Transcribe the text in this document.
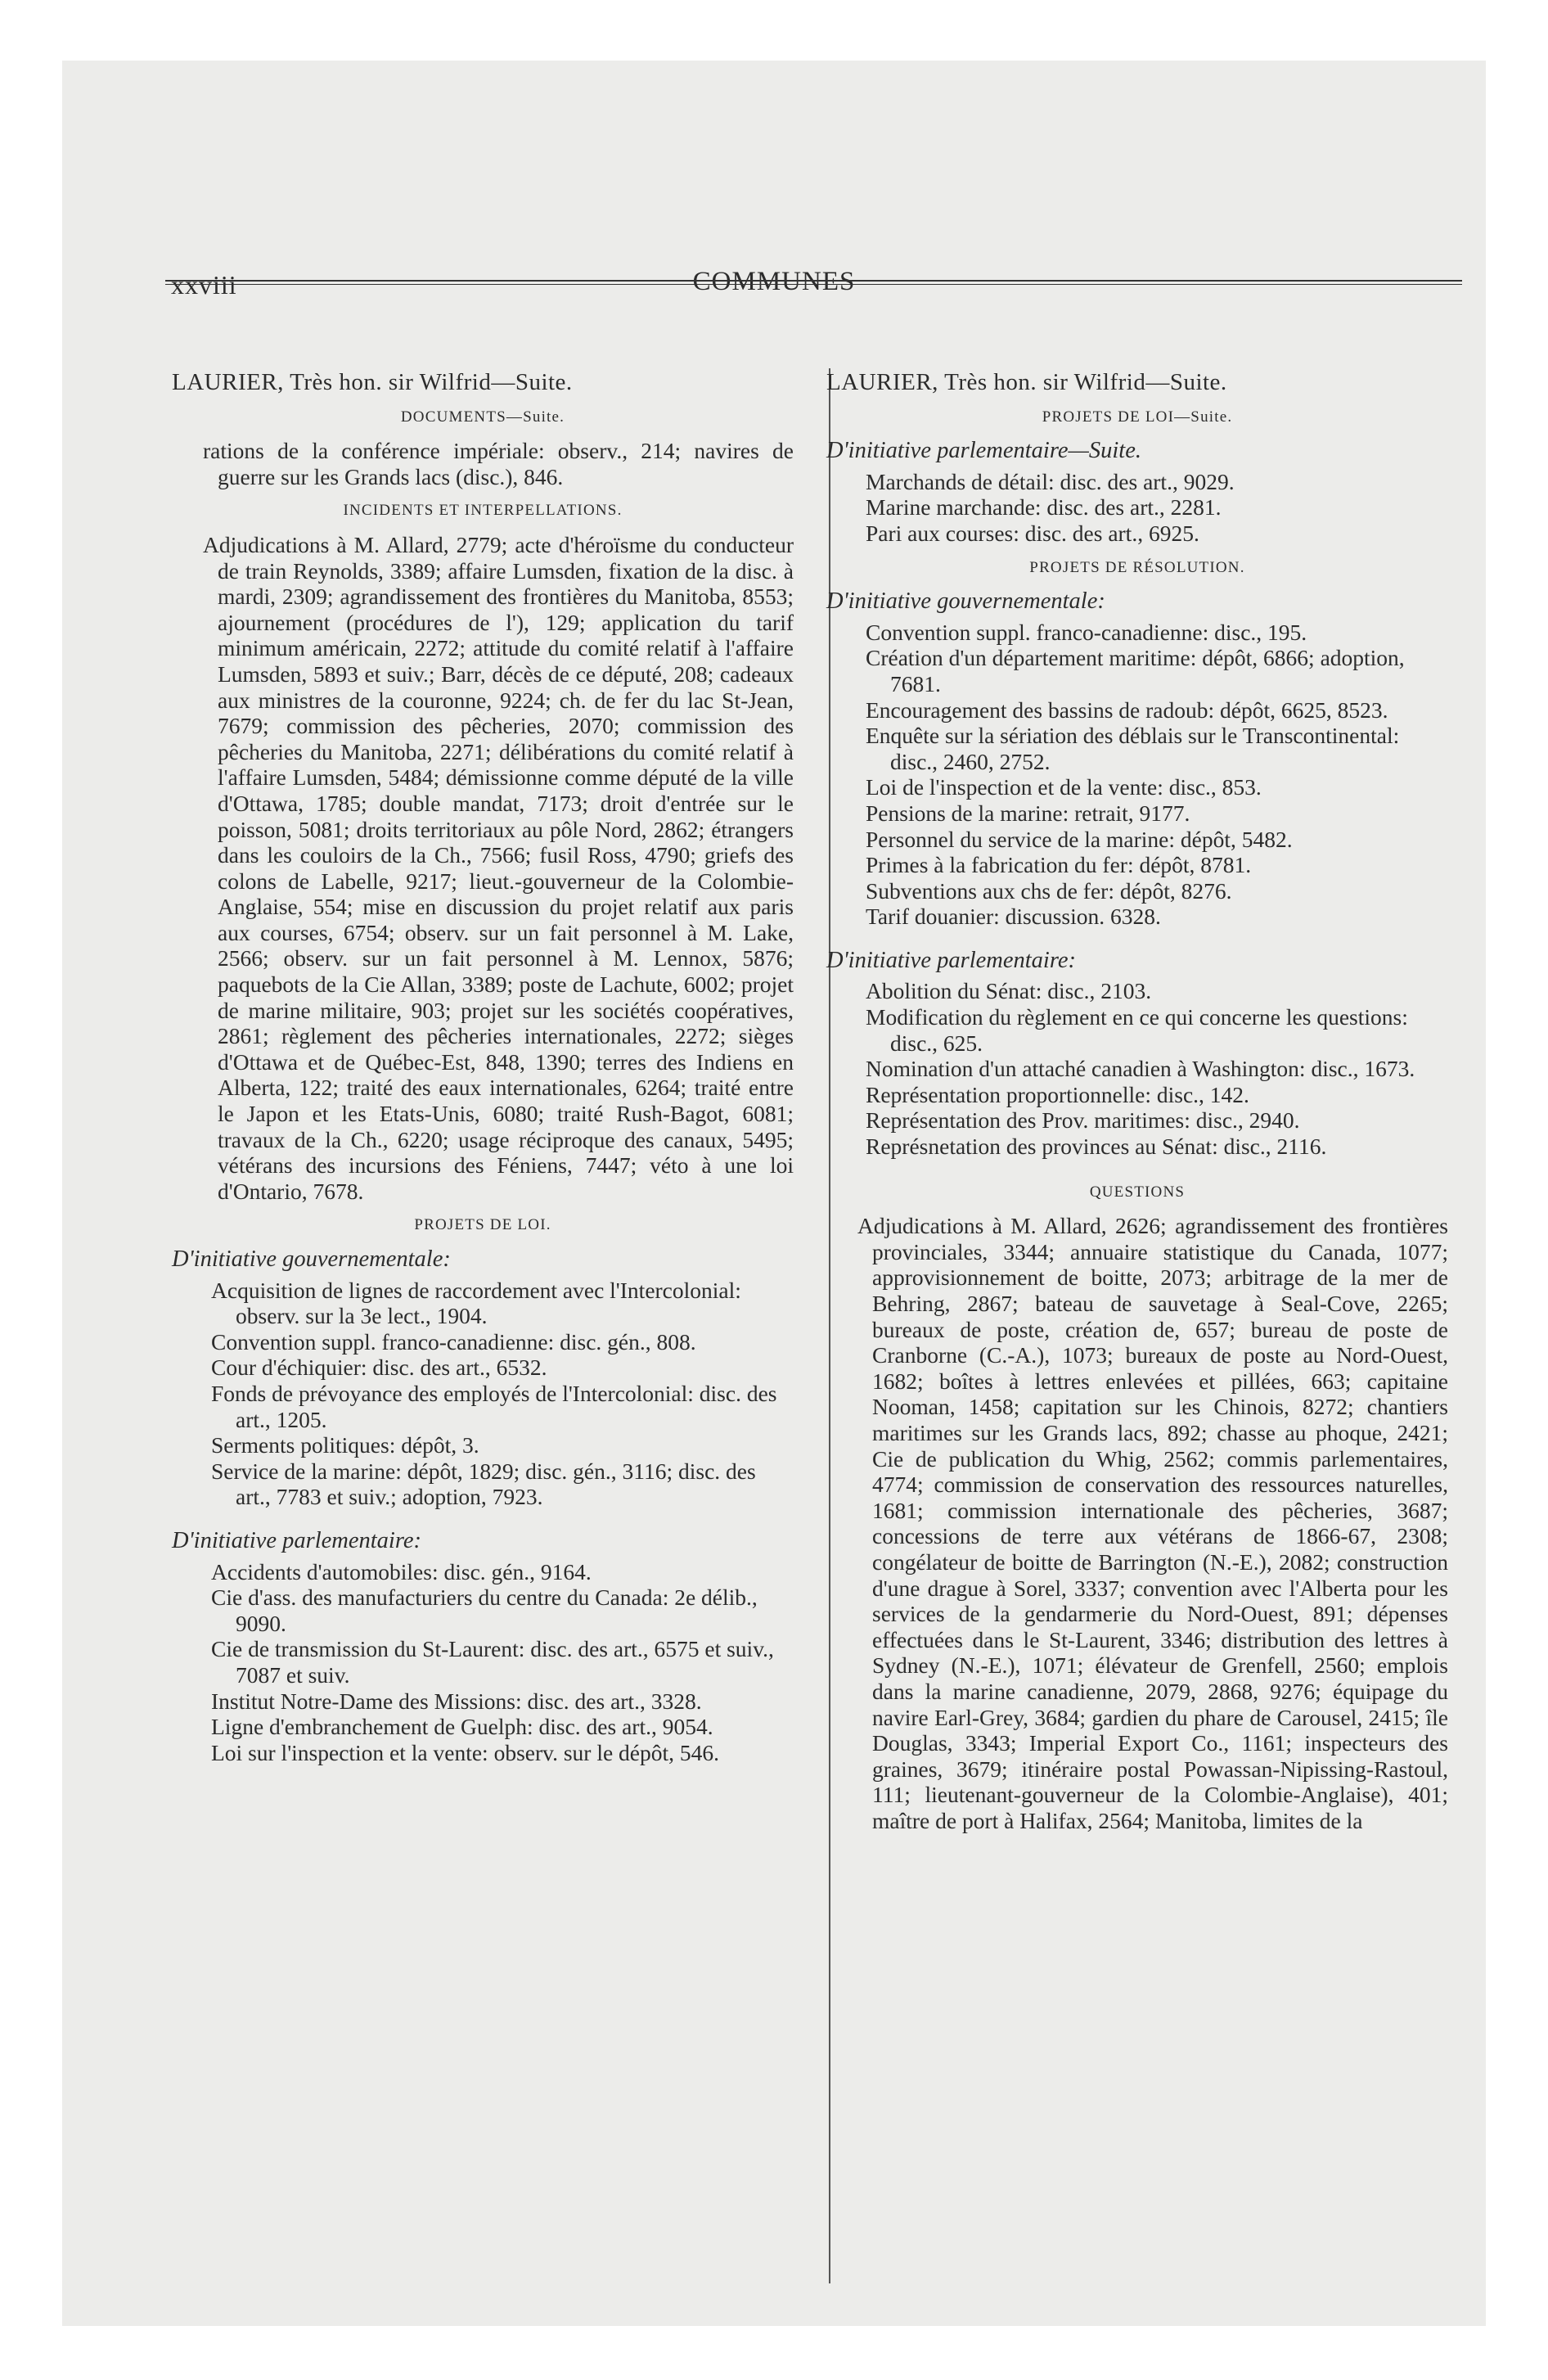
xxviii	COMMUNES
LAURIER, Très hon. sir Wilfrid—Suite.
DOCUMENTS—Suite.
rations de la conférence impériale: observ., 214; navires de guerre sur les Grands lacs (disc.), 846.
INCIDENTS ET INTERPELLATIONS.
Adjudications à M. Allard, 2779; acte d'héroïsme du conducteur de train Reynolds, 3389; affaire Lumsden, fixation de la disc. à mardi, 2309; agrandissement des frontières du Manitoba, 8553; ajournement (procédures de l'), 129; application du tarif minimum américain, 2272; attitude du comité relatif à l'affaire Lumsden, 5893 et suiv.; Barr, décès de ce député, 208; cadeaux aux ministres de la couronne, 9224; ch. de fer du lac St-Jean, 7679; commission des pêcheries, 2070; commission des pêcheries du Manitoba, 2271; délibérations du comité relatif à l'affaire Lumsden, 5484; démissionne comme député de la ville d'Ottawa, 1785; double mandat, 7173; droit d'entrée sur le poisson, 5081; droits territoriaux au pôle Nord, 2862; étrangers dans les couloirs de la Ch., 7566; fusil Ross, 4790; griefs des colons de Labelle, 9217; lieut.-gouverneur de la Colombie-Anglaise, 554; mise en discussion du projet relatif aux paris aux courses, 6754; observ. sur un fait personnel à M. Lake, 2566; observ. sur un fait personnel à M. Lennox, 5876; paquebots de la Cie Allan, 3389; poste de Lachute, 6002; projet de marine militaire, 903; projet sur les sociétés coopératives, 2861; règlement des pêcheries internationales, 2272; sièges d'Ottawa et de Québec-Est, 848, 1390; terres des Indiens en Alberta, 122; traité des eaux internationales, 6264; traité entre le Japon et les Etats-Unis, 6080; traité Rush-Bagot, 6081; travaux de la Ch., 6220; usage réciproque des canaux, 5495; vétérans des incursions des Féniens, 7447; véto à une loi d'Ontario, 7678.
PROJETS DE LOI.
D'initiative gouvernementale:

Acquisition de lignes de raccordement avec l'Intercolonial: observ. sur la 3e lect., 1904.

Convention suppl. franco-canadienne: disc. gén., 808.

Cour d'échiquier: disc. des art., 6532.

Fonds de prévoyance des employés de l'Intercolonial: disc. des art., 1205.

Serments politiques: dépôt, 3.

Service de la marine: dépôt, 1829; disc. gén., 3116; disc. des art., 7783 et suiv.; adoption, 7923.

D'initiative parlementaire:

Accidents d'automobiles: disc. gén., 9164.

Cie d'ass. des manufacturiers du centre du Canada: 2e délib., 9090.

Cie de transmission du St-Laurent: disc. des art., 6575 et suiv., 7087 et suiv.

Institut Notre-Dame des Missions: disc. des art., 3328.

Ligne d'embranchement de Guelph: disc. des art., 9054.

Loi sur l'inspection et la vente: observ. sur le dépôt, 546.

LAURIER, Très hon. sir Wilfrid—Suite.
PROJETS DE LOI—Suite.
D'initiative parlementaire—Suite.

Marchands de détail: disc. des art., 9029.

Marine marchande: disc. des art., 2281.

Pari aux courses: disc. des art., 6925.

PROJETS DE RÉSOLUTION.
D'initiative gouvernementale:

Convention suppl. franco-canadienne: disc., 195.

Création d'un département maritime: dépôt, 6866; adoption, 7681.

Encouragement des bassins de radoub: dépôt, 6625, 8523.

Enquête sur la sériation des déblais sur le Transcontinental: disc., 2460, 2752.

Loi de l'inspection et de la vente: disc., 853.

Pensions de la marine: retrait, 9177.

Personnel du service de la marine: dépôt, 5482.

Primes à la fabrication du fer: dépôt, 8781.

Subventions aux chs de fer: dépôt, 8276.

Tarif douanier: discussion. 6328.

D'initiative parlementaire:

Abolition du Sénat: disc., 2103.

Modification du règlement en ce qui concerne les questions: disc., 625.

Nomination d'un attaché canadien à Washington: disc., 1673.

Représentation proportionnelle: disc., 142.

Représentation des Prov. maritimes: disc., 2940.

Représnetation des provinces au Sénat: disc., 2116.

QUESTIONS
Adjudications à M. Allard, 2626; agrandissement des frontières provinciales, 3344; annuaire statistique du Canada, 1077; approvisionnement de boitte, 2073; arbitrage de la mer de Behring, 2867; bateau de sauvetage à Seal-Cove, 2265; bureaux de poste, création de, 657; bureau de poste de Cranborne (C.-A.), 1073; bureaux de poste au Nord-Ouest, 1682; boîtes à lettres enlevées et pillées, 663; capitaine Nooman, 1458; capitation sur les Chinois, 8272; chantiers maritimes sur les Grands lacs, 892; chasse au phoque, 2421; Cie de publication du Whig, 2562; commis parlementaires, 4774; commission de conservation des ressources naturelles, 1681; commission internationale des pêcheries, 3687; concessions de terre aux vétérans de 1866-67, 2308; congélateur de boitte de Barrington (N.-E.), 2082; construction d'une drague à Sorel, 3337; convention avec l'Alberta pour les services de la gendarmerie du Nord-Ouest, 891; dépenses effectuées dans le St-Laurent, 3346; distribution des lettres à Sydney (N.-E.), 1071; élévateur de Grenfell, 2560; emplois dans la marine canadienne, 2079, 2868, 9276; équipage du navire Earl-Grey, 3684; gardien du phare de Carousel, 2415; île Douglas, 3343; Imperial Export Co., 1161; inspecteurs des graines, 3679; itinéraire postal Powassan-Nipissing-Rastoul, 111; lieutenant-gouverneur de la Colombie-Anglaise), 401; maître de port à Halifax, 2564; Manitoba, limites de la
